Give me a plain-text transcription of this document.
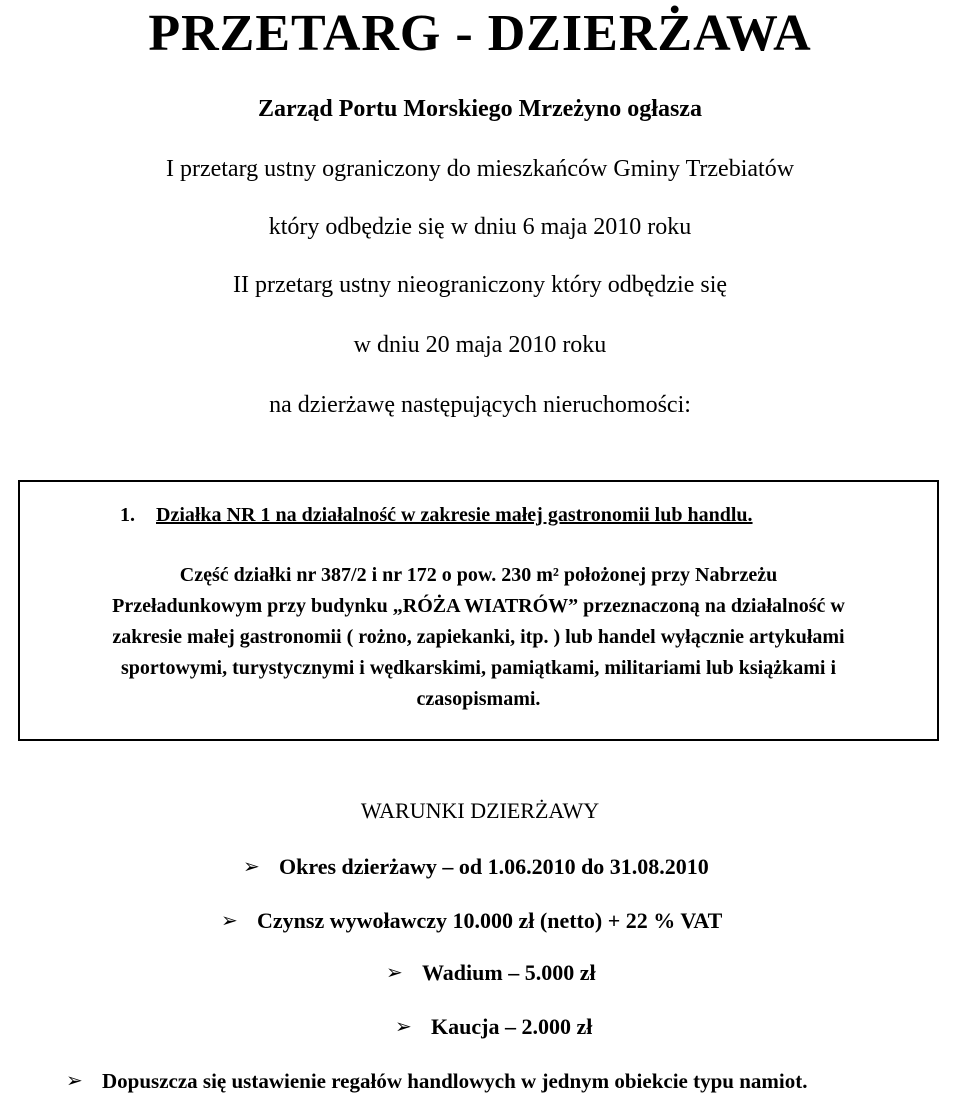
PRZETARG - DZIERŻAWA
Zarząd Portu Morskiego Mrzeżyno ogłasza
I przetarg ustny ograniczony do mieszkańców Gminy Trzebiatów
który odbędzie się w dniu 6 maja 2010 roku
II przetarg ustny nieograniczony który odbędzie się
w dniu 20 maja 2010 roku
na dzierżawę następujących nieruchomości:
1. Działka NR 1 na działalność w zakresie małej gastronomii lub handlu.
Część działki nr 387/2 i nr 172 o pow. 230 m² położonej przy Nabrzeżu
Przeładunkowym przy budynku „RÓŻA WIATRÓW” przeznaczoną na działalność w
zakresie małej gastronomii ( rożno, zapiekanki, itp. ) lub handel wyłącznie artykułami
sportowymi, turystycznymi i wędkarskimi, pamiątkami, militariami lub książkami i
czasopismami.
WARUNKI DZIERŻAWY
➢ Okres dzierżawy – od 1.06.2010 do 31.08.2010
➢ Czynsz wywoławczy 10.000 zł (netto) + 22 % VAT
➢ Wadium – 5.000 zł
➢ Kaucja – 2.000 zł
➢ Dopuszcza się ustawienie regałów handlowych w jednym obiekcie typu namiot.
